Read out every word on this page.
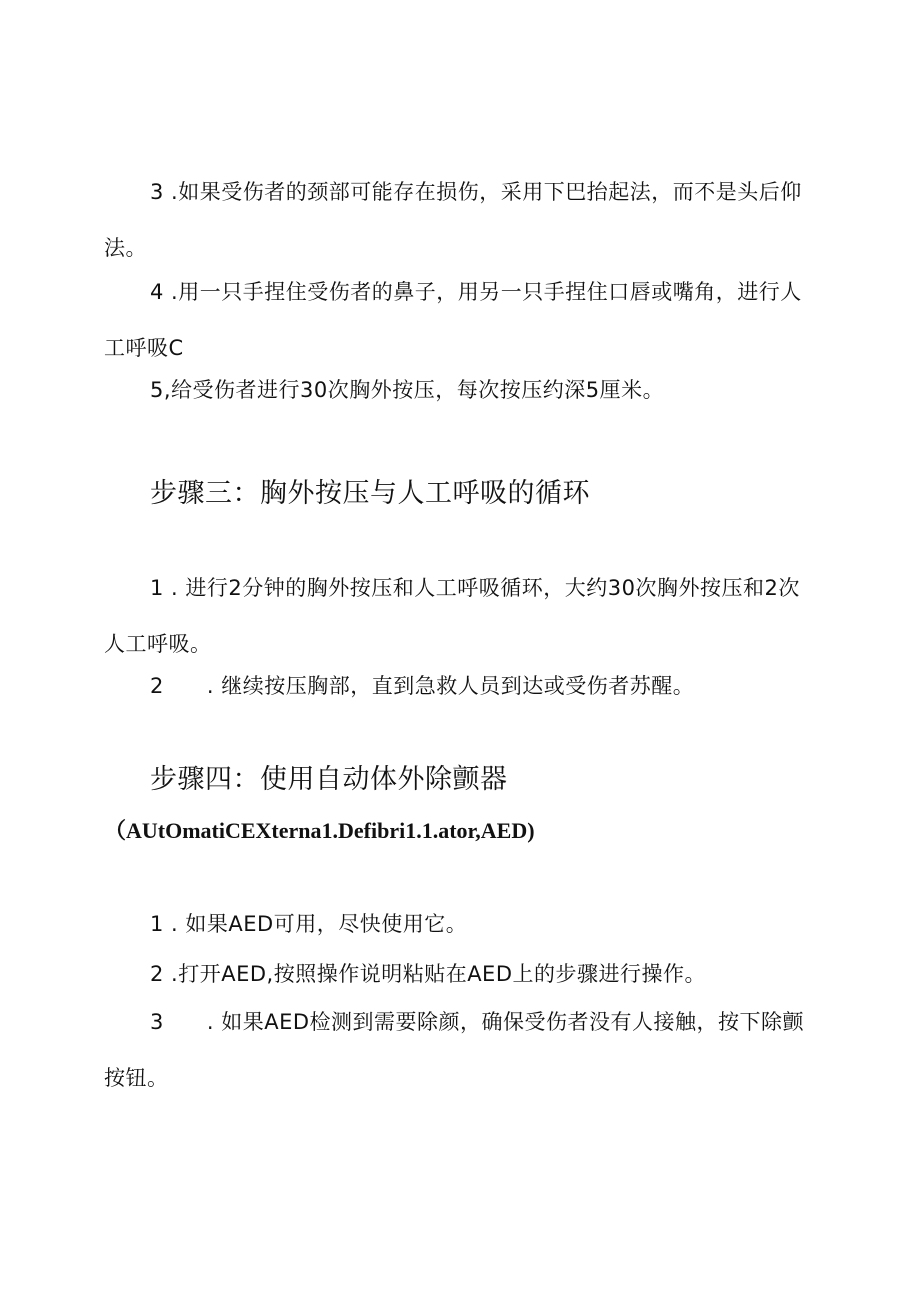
3 .如果受伤者的颈部可能存在损伤，采用下巴抬起法，而不是头后仰法。

4 .用一只手捏住受伤者的鼻子，用另一只手捏住口唇或嘴角，进行人工呼吸C

5,给受伤者进行30次胸外按压，每次按压约深5厘米。

步骤三：胸外按压与人工呼吸的循环

1 . 进行2分钟的胸外按压和人工呼吸循环，大约30次胸外按压和2次人工呼吸。

2　　. 继续按压胸部，直到急救人员到达或受伤者苏醒。

步骤四：使用自动体外除颤器

（AUtOmatiCEXterna1.Defibri1.1.ator,AED)

1 . 如果AED可用，尽快使用它。

2 .打开AED,按照操作说明粘贴在AED上的步骤进行操作。

3　　. 如果AED检测到需要除颜，确保受伤者没有人接触，按下除颤按钮。
